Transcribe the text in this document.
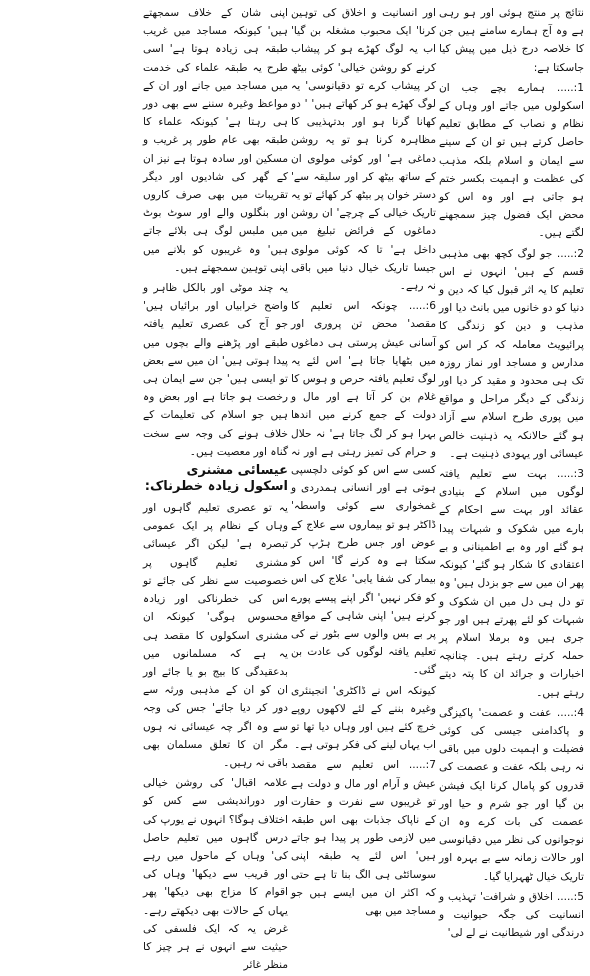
نتائج پر منتج ہوئی اور ہو رہی ہے وہ آج ہمارے سامنے ہیں جن کا خلاصہ درج ذیل میں پیش کیا جاسکتا ہے:

1:..... ہمارے بچے جب ان اسکولوں میں جاتے اور وہاں کے نظام و نصاب کے مطابق تعلیم حاصل کرتے ہیں تو ان کے سینے سے ایمان و اسلام بلکہ مذہب کی عظمت و اہمیت بکسر ختم ہو جاتی ہے اور وہ اس کو محض ایک فضول چیز سمجھنے لگتے ہیں۔

2:..... جو لوگ کچھ بھی مذہبی قسم کے ہیں' انہوں نے اس تعلیم کا یہ اثر قبول کیا کہ دین و دنیا کو دو خانوں میں بانٹ دیا اور مذہب و دین کو زندگی کا پرائیویٹ معاملہ کہ کر اس کو مدارس و مساجد اور نماز روزہ تک ہی محدود و مقید کر دیا اور زندگی کے دیگر مراحل و مواقع میں پوری طرح اسلام سے آزاد ہو گئے حالانکہ یہ ذہنیت خالص عیسائی اور یہودی ذہنیت ہے۔

3:..... بہت سے تعلیم یافتہ لوگوں میں اسلام کے بنیادی عقائد اور بہت سے احکام کے بارے میں شکوک و شبہات پیدا ہو گئے اور وہ بے اطمینانی و بے اعتقادی کا شکار ہو گئے' کیونکہ پھر ان میں سے جو بزدل ہیں' وہ تو دل ہی دل میں ان شکوک و شبہات کو لئے پھرتے ہیں اور جو جری ہیں وہ برملا اسلام پر حملہ کرتے رہتے ہیں۔ چنانچہ اخبارات و جرائد ان کا پتہ دیتے رہتے ہیں۔

4:..... عفت و عصمت' پاکیزگی و پاکدامنی جیسی کی کوئی فضیلت و اہمیت دلوں میں باقی نہ رہی بلکہ عفت و عصمت کی قدروں کو پامال کرنا ایک فیشن بن گیا اور جو شرم و حیا اور عصمت کی بات کرے وہ ان نوجوانوں کی نظر میں دقیانوسی اور حالات زمانہ سے بے بہرہ اور تاریک خیال ٹھہرایا گیا۔

5:..... اخلاق و شرافت' تہذیب و انسانیت کی جگہ حیوانیت و درندگی اور شیطانیت نے لے لی'

اور انسانیت و اخلاق کی توہین کرنا' ایک محبوب مشغلہ بن گیا' اب یہ لوگ کھڑے ہو کر پیشاب کرنے کو روشن خیالی' کوئی بیٹھ کر پیشاب کرے تو دقیانوسی' یہ لوگ کھڑے ہو کر کھاتے ہیں' ' دو کھانا گرنا ہو اور بدتہذیبی کا مظاہرہ کرنا ہو تو یہ روشن دماغی ہے' اور کوئی مولوی ان کے ساتھ بیٹھ کر اور سلیقہ سے' دستر خوان پر بیٹھ کر کھائے تو یہ تاریک خیالی کے چرچے' ان روشن دماغوں کے فرائض تبلیغ میں داخل ہے' تا کہ کوئی مولوی جیسا تاریک خیال دنیا میں باقی نہ رہے۔

6:..... چونکہ اس تعلیم کا مقصد' محض تن پروری اور آسانی عیش پرستی ہی دماغوں میں بٹھایا جاتا ہے' اس لئے یہ لوگ تعلیم یافتہ حرص و ہوس کا غلام بن کر آتا ہے اور مال و دولت کے جمع کرنے میں اندھا بہرا ہو کر لگ جاتا ہے' نہ حلال و حرام کی تمیز رہتی ہے اور نہ کسی سے اس کو کوئی دلچسپی ہوتی ہے اور انسانی ہمدردی و غمخواری سے کوئی واسطہ' ڈاکٹر ہو تو بیماروں سے علاج کے عوض اور جس طرح ہڑپ کر سکتا ہے وہ کرنے گا' اس کو بیمار کی شفا یابی' علاج کی اس کو فکر نہیں' اگر اپنے پیسے پورے کرنے ہیں' اپنی شاہی کے مواقع پر بے بس والوں سے بٹور نے کی تعلیم یافتہ لوگوں کی عادت بن گئی۔

کیونکہ اس نے ڈاکٹری' انجینئری وغیرہ بننے کے لئے لاکھوں روپے خرچ کئے ہیں اور وہاں دیا تھا تو اب یہاں لینے کی فکر ہوتی ہے۔

7:..... اس تعلیم سے مقصد عیش و آرام اور مال و دولت ہے تو غریبوں سے نفرت و حقارت کے ناپاک جذبات بھی اس طبقہ میں لازمی طور پر پیدا ہو جاتے ہیں' اس لئے یہ طبقہ اپنی سوسائٹی ہی الگ بنا تا ہے حتی کہ اکثر ان میں ایسے ہیں جو مساجد میں بھی

اپنی شان کے خلاف سمجھتے ہیں' کیونکہ مساجد میں غریب طبقہ ہی زیادہ ہوتا ہے' اسی طرح یہ طبقہ علماء کی خدمت میں مساجد میں جانے اور ان کے مواعظ وغیرہ سننے سے بھی دور ہی رہتا ہے' کیونکہ علماء کا طبقہ بھی عام طور پر غریب و مسکین اور سادہ ہوتا ہے نیز ان کے گھر کی شادیوں اور دیگر تقریبات میں بھی صرف کاروں اور بنگلوں والے اور سوٹ بوٹ میں ملبس لوگ ہی بلائے جاتے ہیں' وہ غریبوں کو بلانے میں اپنی توہین سمجھتے ہیں۔

یہ چند موٹی اور بالکل ظاہر و واضح خرابیاں اور برائیاں ہیں' جو آج کی عصری تعلیم یافتہ طبقے اور پڑھنے والے بچوں میں پیدا ہوتی ہیں' ان میں سے بعض تو ایسی ہیں' جن سے ایمان ہی رخصت ہو جاتا ہے اور بعض وہ ہیں جو اسلام کی تعلیمات کے خلاف ہونے کی وجہ سے سخت گناہ اور معصیت ہیں۔

عیسائی مشنری اسکول زیادہ خطرناک:

یہ تو عصری تعلیم گاہوں اور وہاں کے نظام پر ایک عمومی تبصرہ ہے' لیکن اگر عیسائی مشنری تعلیم گاہوں پر خصوصیت سے نظر کی جائے تو اس کی خطرناکی اور زیادہ محسوس ہوگی' کیونکہ ان مشنری اسکولوں کا مقصد ہی یہ ہے کہ مسلمانوں میں بدعقیدگی کا بیج بو یا جائے اور ان کو ان کے مذہبی ورثہ سے دور کر دیا جائے' جس کی وجہ سے وہ اگر چہ عیسائی نہ ہوں مگر ان کا تعلق مسلمان بھی باقی نہ رہیں۔

علامہ اقبال' کی روشن خیالی اور دوراندیشی سے کس کو اختلاف ہوگا؟ انہوں نے یورپ کی درس گاہوں میں تعلیم حاصل کی' وہاں کے ماحول میں رہے اور قریب سے دیکھا' وہاں کی اقوام کا مزاج بھی دیکھا' پھر یہاں کے حالات بھی دیکھتے رہے۔ غرض یہ کہ ایک فلسفی کی حیثیت سے انہوں نے ہر چیز کا منظر غائر
